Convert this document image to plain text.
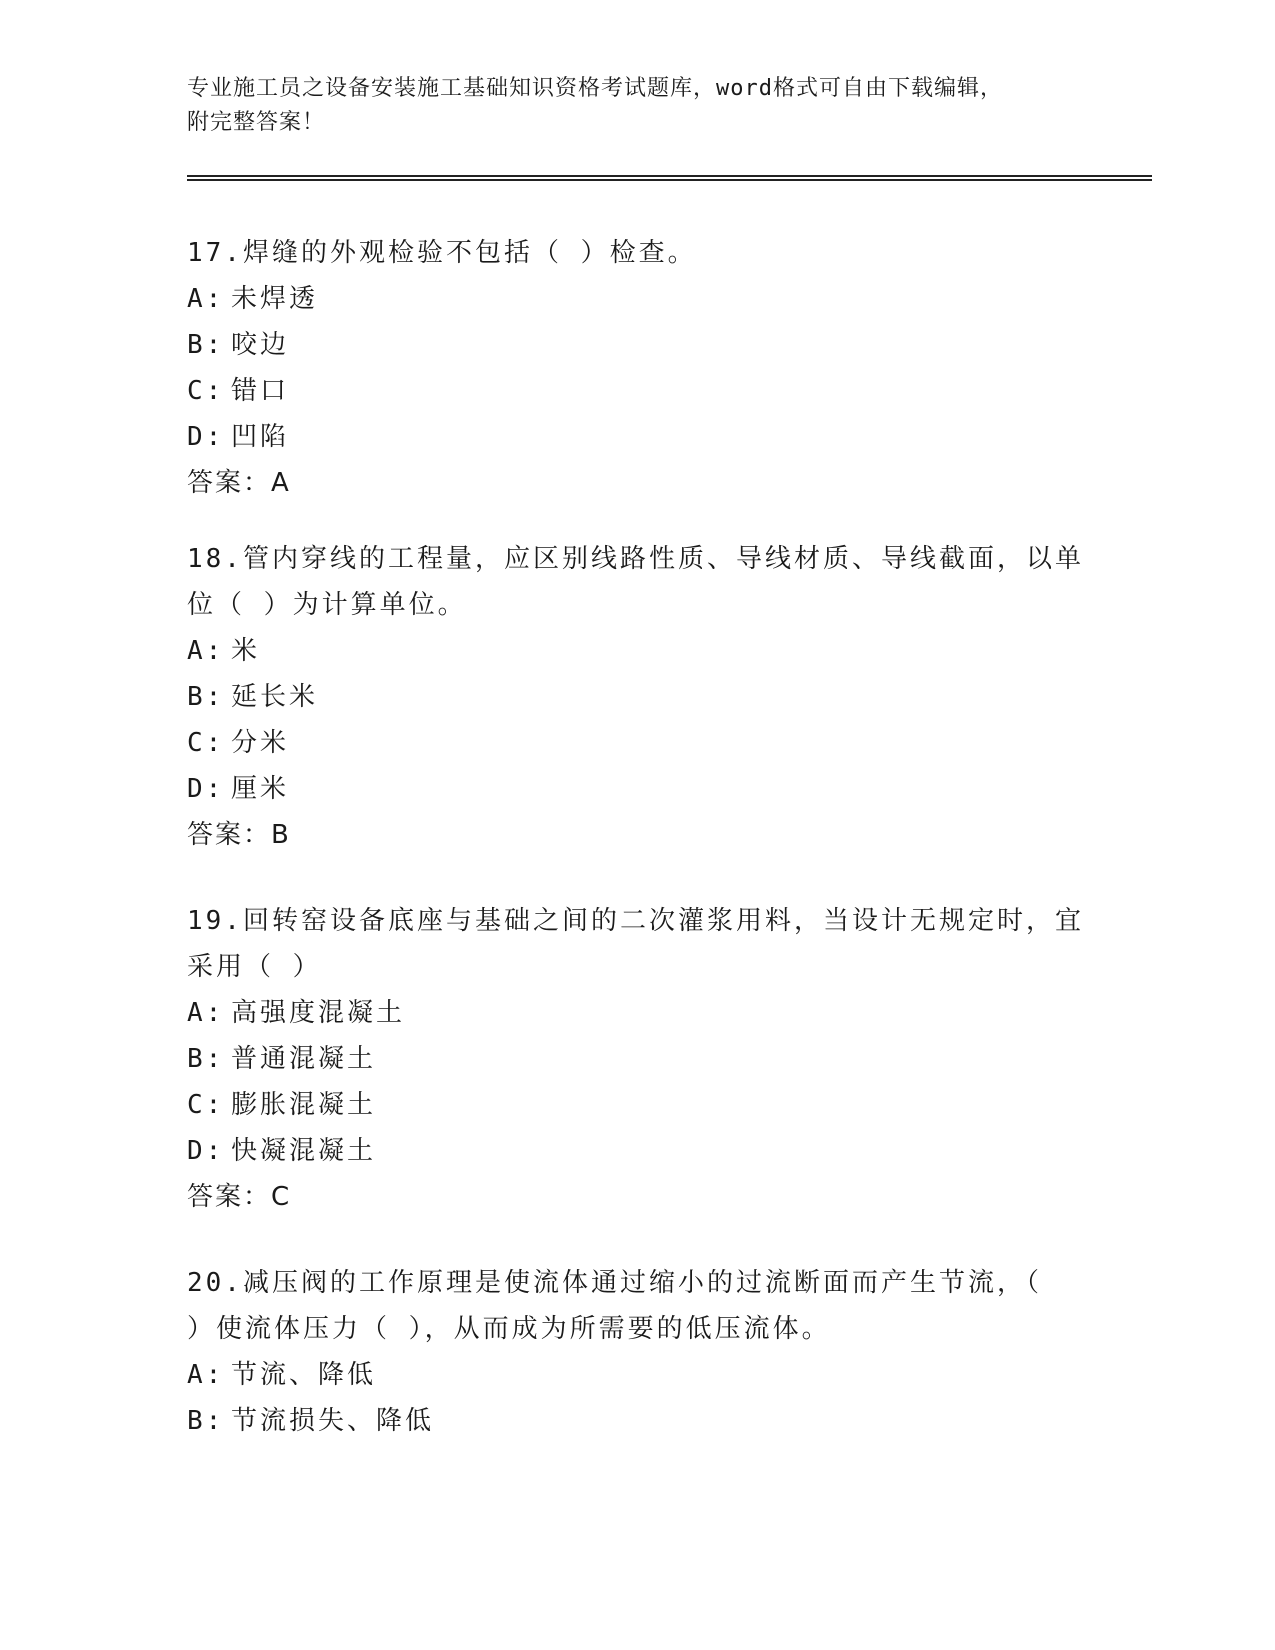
专业施工员之设备安装施工基础知识资格考试题库，word格式可自由下载编辑，
附完整答案！
17.焊缝的外观检验不包括（ ）检查。
A: 未焊透
B: 咬边
C: 错口
D: 凹陷
答案：A
18.管内穿线的工程量，应区别线路性质、导线材质、导线截面，以单
位（ ）为计算单位。
A: 米
B: 延长米
C: 分米
D: 厘米
答案：B
19.回转窑设备底座与基础之间的二次灌浆用料，当设计无规定时，宜
采用（ ）
A: 高强度混凝土
B: 普通混凝土
C: 膨胀混凝土
D: 快凝混凝土
答案：C
20.减压阀的工作原理是使流体通过缩小的过流断面而产生节流，（
）使流体压力（ ），从而成为所需要的低压流体。
A: 节流、降低
B: 节流损失、降低
